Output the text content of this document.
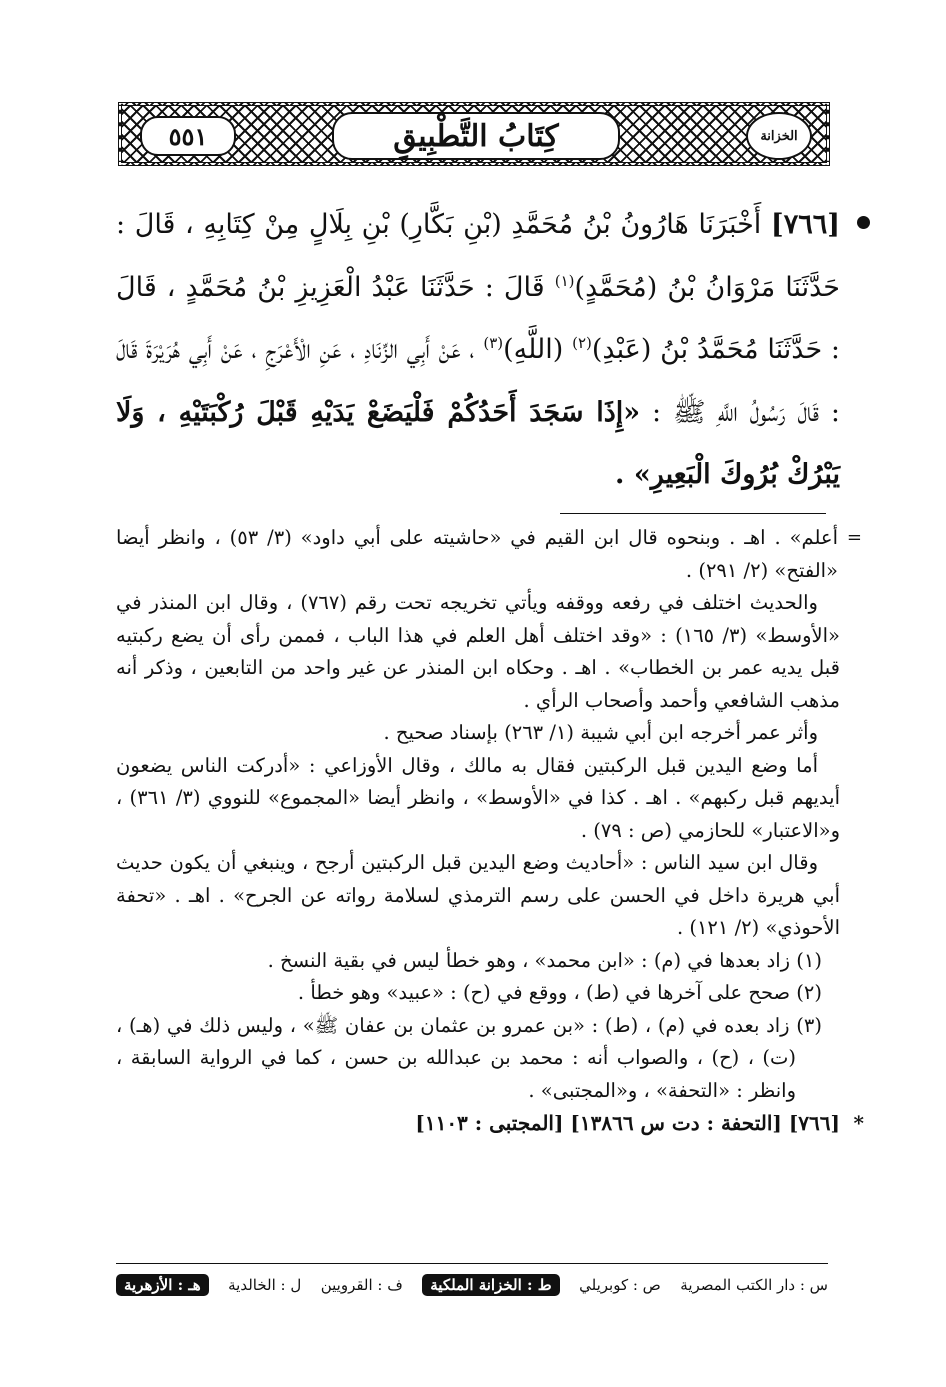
٥٥١	كِتَابُ التَّطْبِيقِ	الخزانة
[٧٦٦] أَخْبَرَنَا هَارُونُ بْنُ مُحَمَّدِ (بْنِ بَكَّارِ) بْنِ بِلَالٍ مِنْ كِتَابِهِ ، قَالَ : حَدَّثَنَا مَرْوَانُ بْنُ (مُحَمَّدٍ)$^{(١)}$ قَالَ : حَدَّثَنَا عَبْدُ الْعَزِيزِ بْنُ مُحَمَّدٍ ، قَالَ : حَدَّثَنَا مُحَمَّدُ بْنُ (عَبْدِ)$^{(٢)}$ (اللَّهِ)$^{(٣)}$ ، عَنْ أَبِي الزِّنَادِ ، عَنِ الْأَعْرَجِ ، عَنْ أَبِي هُرَيْرَةَ قَالَ : قَالَ رَسُولُ اللَّهِ ﷺ : «إِذَا سَجَدَ أَحَدُكُمْ فَلْيَضَعْ يَدَيْهِ قَبْلَ رُكْبَتَيْهِ ، وَلَا يَبْرُكْ بُرُوكَ الْبَعِيرِ» .

=
أعلم» . اهـ . وبنحوه قال ابن القيم في «حاشيته على أبي داود» (٣/ ٥٣) ، وانظر أيضا «الفتح» (٢/ ٢٩١) .

والحديث اختلف في رفعه ووقفه ويأتي تخريجه تحت رقم (٧٦٧) ، وقال ابن المنذر في «الأوسط» (٣/ ١٦٥) : «وقد اختلف أهل العلم في هذا الباب ، فممن رأى أن يضع ركبتيه قبل يديه عمر بن الخطاب» . اهـ . وحكاه ابن المنذر عن غير واحد من التابعين ، وذكر أنه مذهب الشافعي وأحمد وأصحاب الرأي .

وأثر عمر أخرجه ابن أبي شيبة (١/ ٢٦٣) بإسناد صحيح .

أما وضع اليدين قبل الركبتين فقال به مالك ، وقال الأوزاعي : «أدركت الناس يضعون أيديهم قبل ركبهم» . اهـ . كذا في «الأوسط» ، وانظر أيضا «المجموع» للنووي (٣/ ٣٦١) ، و«الاعتبار» للحازمي (ص : ٧٩) .

وقال ابن سيد الناس : «أحاديث وضع اليدين قبل الركبتين أرجح ، وينبغي أن يكون حديث أبي هريرة داخل في الحسن على رسم الترمذي لسلامة رواته عن الجرح» . اهـ . «تحفة الأحوذي» (٢/ ١٢١) .

(١) زاد بعدها في (م) : «ابن محمد» ، وهو خطأ ليس في بقية النسخ .

(٢) صحح على آخرها في (ط) ، ووقع في (ح) : «عبيد» وهو خطأ .

(٣) زاد بعده في (م) ، (ط) : «بن عمرو بن عثمان بن عفان ﷺ» ، وليس ذلك في (هـ) ، (ت) ، (ح) ، والصواب أنه : محمد بن عبدالله بن حسن ، كما في الرواية السابقة ، وانظر : «التحفة» ، و«المجتبى» .

*
[٧٦٦] [التحفة : دت س ١٣٨٦٦] [المجتبى : ١١٠٣]

س : دار الكتب المصرية
ص : كوبريلي
ط : الخزانة الملكية
ف : القرويين
ل : الخالدية
هـ : الأزهرية
